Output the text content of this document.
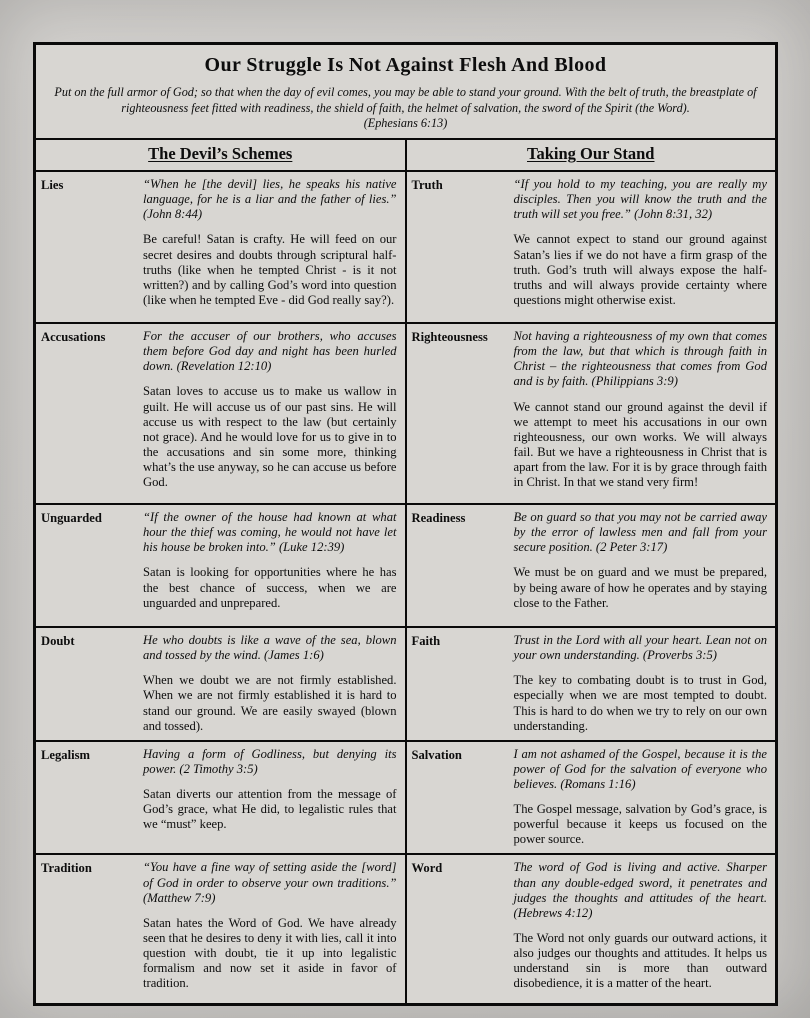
Our Struggle Is Not Against Flesh And Blood

Put on the full armor of God; so that when the day of evil comes, you may be able to stand your ground. With the belt of truth, the breastplate of righteousness feet fitted with readiness, the shield of faith, the helmet of salvation, the sword of the Spirit (the Word).

(Ephesians 6:13)

The Devil’s Schemes	Taking Our Stand
Lies	“When he [the devil] lies, he speaks his native language, for he is a liar and the father of lies.” (John 8:44)

Be careful! Satan is crafty. He will feed on our secret desires and doubts through scriptural half-truths (like when he tempted Christ - is it not written?) and by calling God’s word into question (like when he tempted Eve - did God really say?).

Truth	“If you hold to my teaching, you are really my disciples. Then you will know the truth and the truth will set you free.” (John 8:31, 32)

We cannot expect to stand our ground against Satan’s lies if we do not have a firm grasp of the truth. God’s truth will always expose the half-truths and will always provide certainty where questions might otherwise exist.

Accusations	For the accuser of our brothers, who accuses them before God day and night has been hurled down. (Revelation 12:10)

Satan loves to accuse us to make us wallow in guilt. He will accuse us of our past sins. He will accuse us with respect to the law (but certainly not grace). And he would love for us to give in to the accusations and sin some more, thinking what’s the use anyway, so he can accuse us before God.

Righteousness	Not having a righteousness of my own that comes from the law, but that which is through faith in Christ – the righteousness that comes from God and is by faith. (Philippians 3:9)

We cannot stand our ground against the devil if we attempt to meet his accusations in our own righteousness, our own works. We will always fail. But we have a righteousness in Christ that is apart from the law. For it is by grace through faith in Christ. In that we stand very firm!

Unguarded	“If the owner of the house had known at what hour the thief was coming, he would not have let his house be broken into.” (Luke 12:39)

Satan is looking for opportunities where he has the best chance of success, when we are unguarded and unprepared.

Readiness	Be on guard so that you may not be carried away by the error of lawless men and fall from your secure position. (2 Peter 3:17)

We must be on guard and we must be prepared, by being aware of how he operates and by staying close to the Father.

Doubt	He who doubts is like a wave of the sea, blown and tossed by the wind. (James 1:6)

When we doubt we are not firmly established. When we are not firmly established it is hard to stand our ground. We are easily swayed (blown and tossed).

Faith	Trust in the Lord with all your heart. Lean not on your own understanding. (Proverbs 3:5)

The key to combating doubt is to trust in God, especially when we are most tempted to doubt. This is hard to do when we try to rely on our own understanding.

Legalism	Having a form of Godliness, but denying its power. (2 Timothy 3:5)

Satan diverts our attention from the message of God’s grace, what He did, to legalistic rules that we “must” keep.

Salvation	I am not ashamed of the Gospel, because it is the power of God for the salvation of everyone who believes. (Romans 1:16)

The Gospel message, salvation by God’s grace, is powerful because it keeps us focused on the power source.

Tradition	“You have a fine way of setting aside the [word] of God in order to observe your own traditions.” (Matthew 7:9)

Satan hates the Word of God. We have already seen that he desires to deny it with lies, call it into question with doubt, tie it up into legalistic formalism and now set it aside in favor of tradition.

Word	The word of God is living and active. Sharper than any double-edged sword, it penetrates and judges the thoughts and attitudes of the heart. (Hebrews 4:12)

The Word not only guards our outward actions, it also judges our thoughts and attitudes. It helps us understand sin is more than outward disobedience, it is a matter of the heart.
